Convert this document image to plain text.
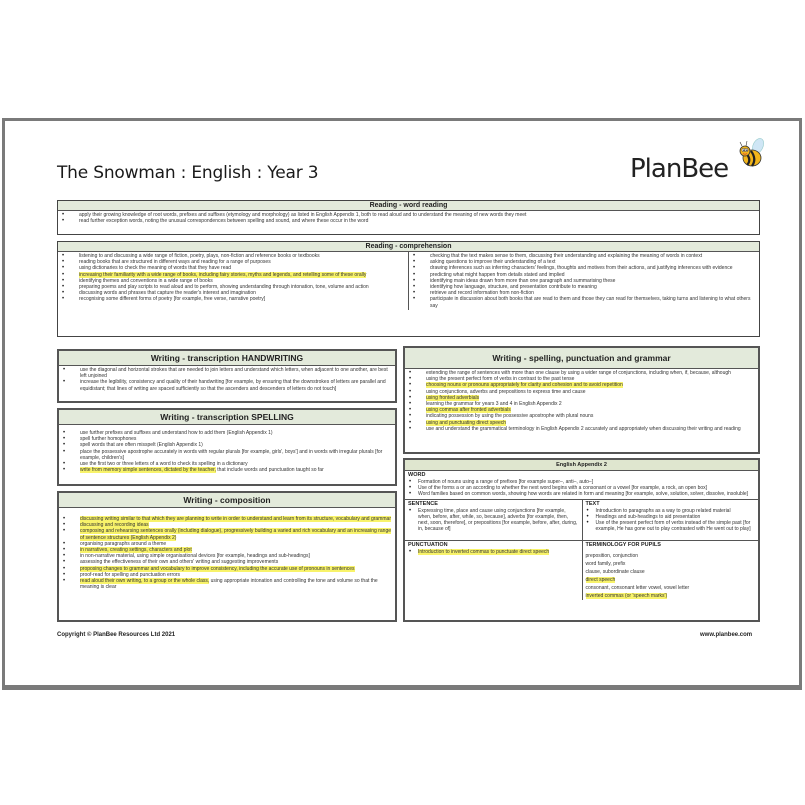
The Snowman : English : Year 3	PlanBee
Reading - word reading
• apply their growing knowledge of root words, prefixes and suffixes (etymology and morphology) as listed in English Appendix 1, both to read aloud and to understand the meaning of new words they meet
• read further exception words, noting the unusual correspondences between spelling and sound, and where these occur in the word
Reading - comprehension
• listening to and discussing a wide range of fiction, poetry, plays, non-fiction and reference books or textbooks
• reading books that are structured in different ways and reading for a range of purposes
• using dictionaries to check the meaning of words that they have read
• increasing their familiarity with a wide range of books, including fairy stories, myths and legends, and retelling some of these orally
• identifying themes and conventions in a wide range of books
• preparing poems and play scripts to read aloud and to perform, showing understanding through intonation, tone, volume and action
• discussing words and phrases that capture the reader's interest and imagination
• recognising some different forms of poetry [for example, free verse, narrative poetry]
• checking that the text makes sense to them, discussing their understanding and explaining the meaning of words in context
• asking questions to improve their understanding of a text
• drawing inferences such as inferring characters' feelings, thoughts and motives from their actions, and justifying inferences with evidence
• predicting what might happen from details stated and implied
• identifying main ideas drawn from more than one paragraph and summarising these
• identifying how language, structure, and presentation contribute to meaning
• retrieve and record information from non-fiction
• participate in discussion about both books that are read to them and those they can read for themselves, taking turns and listening to what others say
Writing - transcription HANDWRITING
• use the diagonal and horizontal strokes that are needed to join letters and understand which letters, when adjacent to one another, are best left unjoined
• increase the legibility, consistency and quality of their handwriting [for example, by ensuring that the downstrokes of letters are parallel and equidistant; that lines of writing are spaced sufficiently so that the ascenders and descenders of letters do not touch]
Writing - transcription SPELLING
• use further prefixes and suffixes and understand how to add them (English Appendix 1)
• spell further homophones
• spell words that are often misspelt (English Appendix 1)
• place the possessive apostrophe accurately in words with regular plurals [for example, girls', boys'] and in words with irregular plurals [for example, children's]
• use the first two or three letters of a word to check its spelling in a dictionary
• write from memory simple sentences, dictated by the teacher, that include words and punctuation taught so far
Writing - composition
• discussing writing similar to that which they are planning to write in order to understand and learn from its structure, vocabulary and grammar
• discussing and recording ideas
• composing and rehearsing sentences orally (including dialogue), progressively building a varied and rich vocabulary and an increasing range of sentence structures (English Appendix 2)
• organising paragraphs around a theme
• in narratives, creating settings, characters and plot
• in non-narrative material, using simple organisational devices [for example, headings and sub-headings]
• assessing the effectiveness of their own and others' writing and suggesting improvements
• proposing changes to grammar and vocabulary to improve consistency, including the accurate use of pronouns in sentences
• proof-read for spelling and punctuation errors
• read aloud their own writing, to a group or the whole class, using appropriate intonation and controlling the tone and volume so that the meaning is clear
Writing - spelling, punctuation and grammar
• extending the range of sentences with more than one clause by using a wider range of conjunctions, including when, if, because, although
• using the present perfect form of verbs in contrast to the past tense
• choosing nouns or pronouns appropriately for clarity and cohesion and to avoid repetition
• using conjunctions, adverbs and prepositions to express time and cause
• using fronted adverbials
• learning the grammar for years 3 and 4 in English Appendix 2
• using commas after fronted adverbials
• indicating possession by using the possessive apostrophe with plural nouns
• using and punctuating direct speech
• use and understand the grammatical terminology in English Appendix 2 accurately and appropriately when discussing their writing and reading
English Appendix 2
WORD
• Formation of nouns using a range of prefixes [for example super–, anti–, auto–]
• Use of the forms a or an according to whether the next word begins with a consonant or a vowel [for example, a rock, an open box]
• Word families based on common words, showing how words are related in form and meaning [for example, solve, solution, solver, dissolve, insoluble]
SENTENCE
• Expressing time, place and cause using conjunctions [for example, when, before, after, while, so, because], adverbs [for example, then, next, soon, therefore], or prepositions [for example, before, after, during, in, because of]
TEXT
• Introduction to paragraphs as a way to group related material
• Headings and sub-headings to aid presentation
• Use of the present perfect form of verbs instead of the simple past [for example, He has gone out to play contrasted with He went out to play]
PUNCTUATION
• Introduction to inverted commas to punctuate direct speech
TERMINOLOGY FOR PUPILS
preposition, conjunction
word family, prefix
clause, subordinate clause
direct speech
consonant, consonant letter vowel, vowel letter
inverted commas (or 'speech marks')
Copyright © PlanBee Resources Ltd 2021	www.planbee.com
